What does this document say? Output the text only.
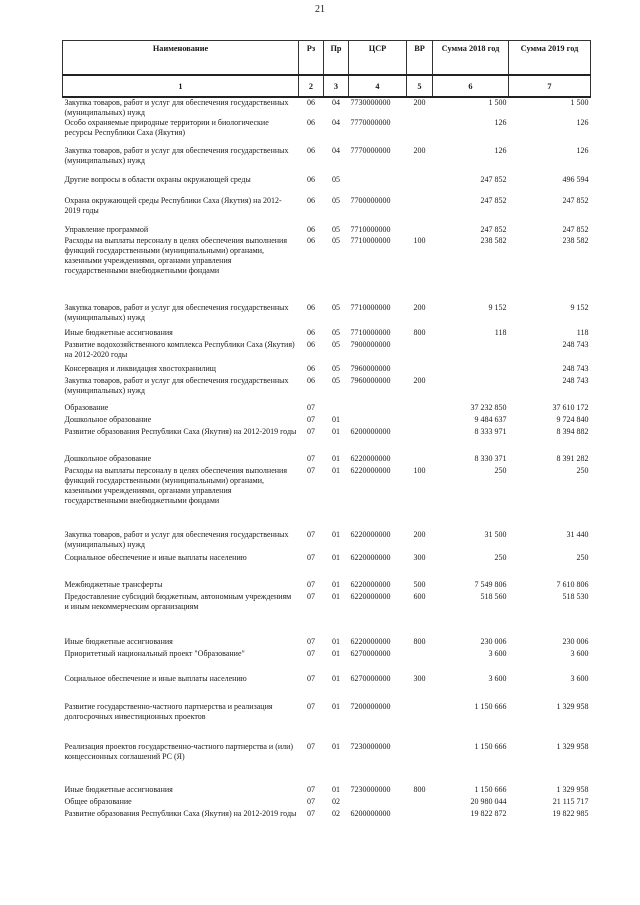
21
Наименование	Рз	Пр	ЦСР	ВР	Сумма 2018 год	Сумма 2019 год
1	2	3	4	5	6	7
Закупка товаров, работ и услуг для обеспечения государственных (муниципальных) нужд	06	04	7730000000	200	1 500	1 500
Особо охраняемые природные территории и биологические ресурсы Республики Саха (Якутия)	06	04	7770000000		126	126
Закупка товаров, работ и услуг для обеспечения государственных (муниципальных) нужд	06	04	7770000000	200	126	126
Другие вопросы в области охраны окружающей среды	06	05			247 852	496 594
Охрана окружающей среды Республики Саха (Якутия) на 2012-2019 годы	06	05	7700000000		247 852	247 852
Управление программой	06	05	7710000000		247 852	247 852
Расходы на выплаты персоналу в целях обеспечения выполнения функций государственными (муниципальными) органами, казенными учреждениями, органами управления государственными внебюджетными фондами	06	05	7710000000	100	238 582	238 582
Закупка товаров, работ и услуг для обеспечения государственных (муниципальных) нужд	06	05	7710000000	200	9 152	9 152
Иные бюджетные ассигнования	06	05	7710000000	800	118	118
Развитие водохозяйственного комплекса Республики Саха (Якутия) на 2012-2020 годы	06	05	7900000000			248 743
Консервация и ликвидация хвостохранилищ	06	05	7960000000			248 743
Закупка товаров, работ и услуг для обеспечения государственных (муниципальных) нужд	06	05	7960000000	200		248 743
Образование	07				37 232 850	37 610 172
Дошкольное образование	07	01			9 484 637	9 724 840
Развитие образования Республики Саха (Якутия) на 2012-2019 годы	07	01	6200000000		8 333 971	8 394 882
Дошкольное образование	07	01	6220000000		8 330 371	8 391 282
Расходы на выплаты персоналу в целях обеспечения выполнения функций государственными (муниципальными) органами, казенными учреждениями, органами управления государственными внебюджетными фондами	07	01	6220000000	100	250	250
Закупка товаров, работ и услуг для обеспечения государственных (муниципальных) нужд	07	01	6220000000	200	31 500	31 440
Социальное обеспечение и иные выплаты населению	07	01	6220000000	300	250	250
Межбюджетные трансферты	07	01	6220000000	500	7 549 806	7 610 806
Предоставление субсидий бюджетным, автономным учреждениям и иным некоммерческим организациям	07	01	6220000000	600	518 560	518 530
Иные бюджетные ассигнования	07	01	6220000000	800	230 006	230 006
Приоритетный национальный проект "Образование"	07	01	6270000000		3 600	3 600
Социальное обеспечение и иные выплаты населению	07	01	6270000000	300	3 600	3 600
Развитие государственно-частного партнерства и реализация долгосрочных инвестиционных проектов	07	01	7200000000		1 150 666	1 329 958
Реализация проектов государственно-частного партнерства и (или) концессионных соглашений РС (Я)	07	01	7230000000		1 150 666	1 329 958
Иные бюджетные ассигнования	07	01	7230000000	800	1 150 666	1 329 958
Общее образование	07	02			20 980 044	21 115 717
Развитие образования Республики Саха (Якутия) на 2012-2019 годы	07	02	6200000000		19 822 872	19 822 985
